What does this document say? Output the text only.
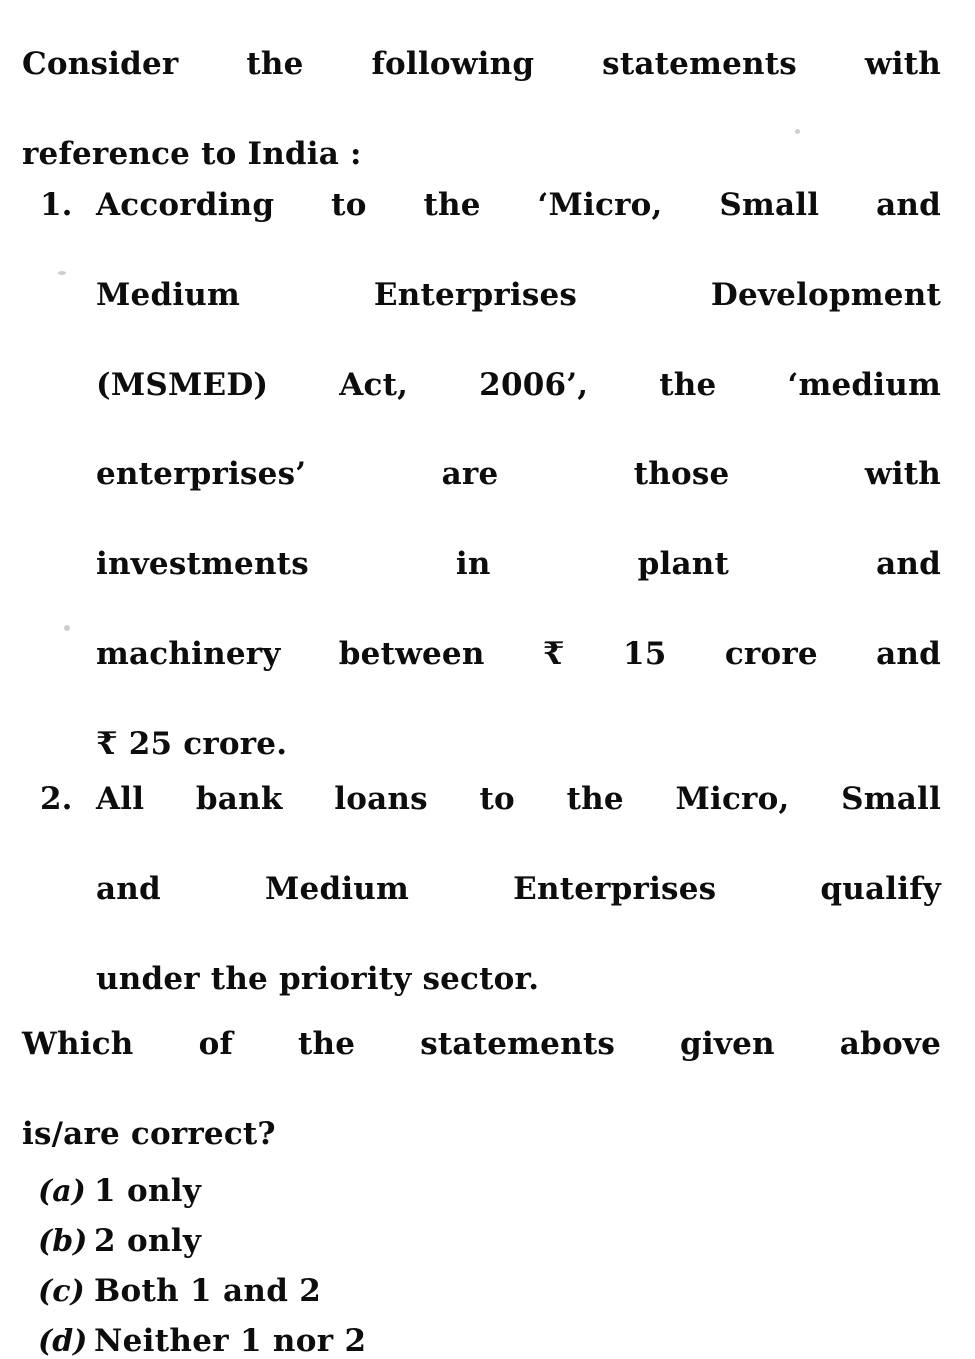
Consider the following statements with
reference to India :
1. According to the ‘Micro, Small and
Medium Enterprises Development
(MSMED) Act, 2006’, the ‘medium
enterprises’ are those with
investments in plant and
machinery between ₹ 15 crore and
₹ 25 crore.
2. All bank loans to the Micro, Small
and Medium Enterprises qualify
under the priority sector.
Which of the statements given above
is/are correct?
(a) 1 only
(b) 2 only
(c) Both 1 and 2
(d) Neither 1 nor 2
